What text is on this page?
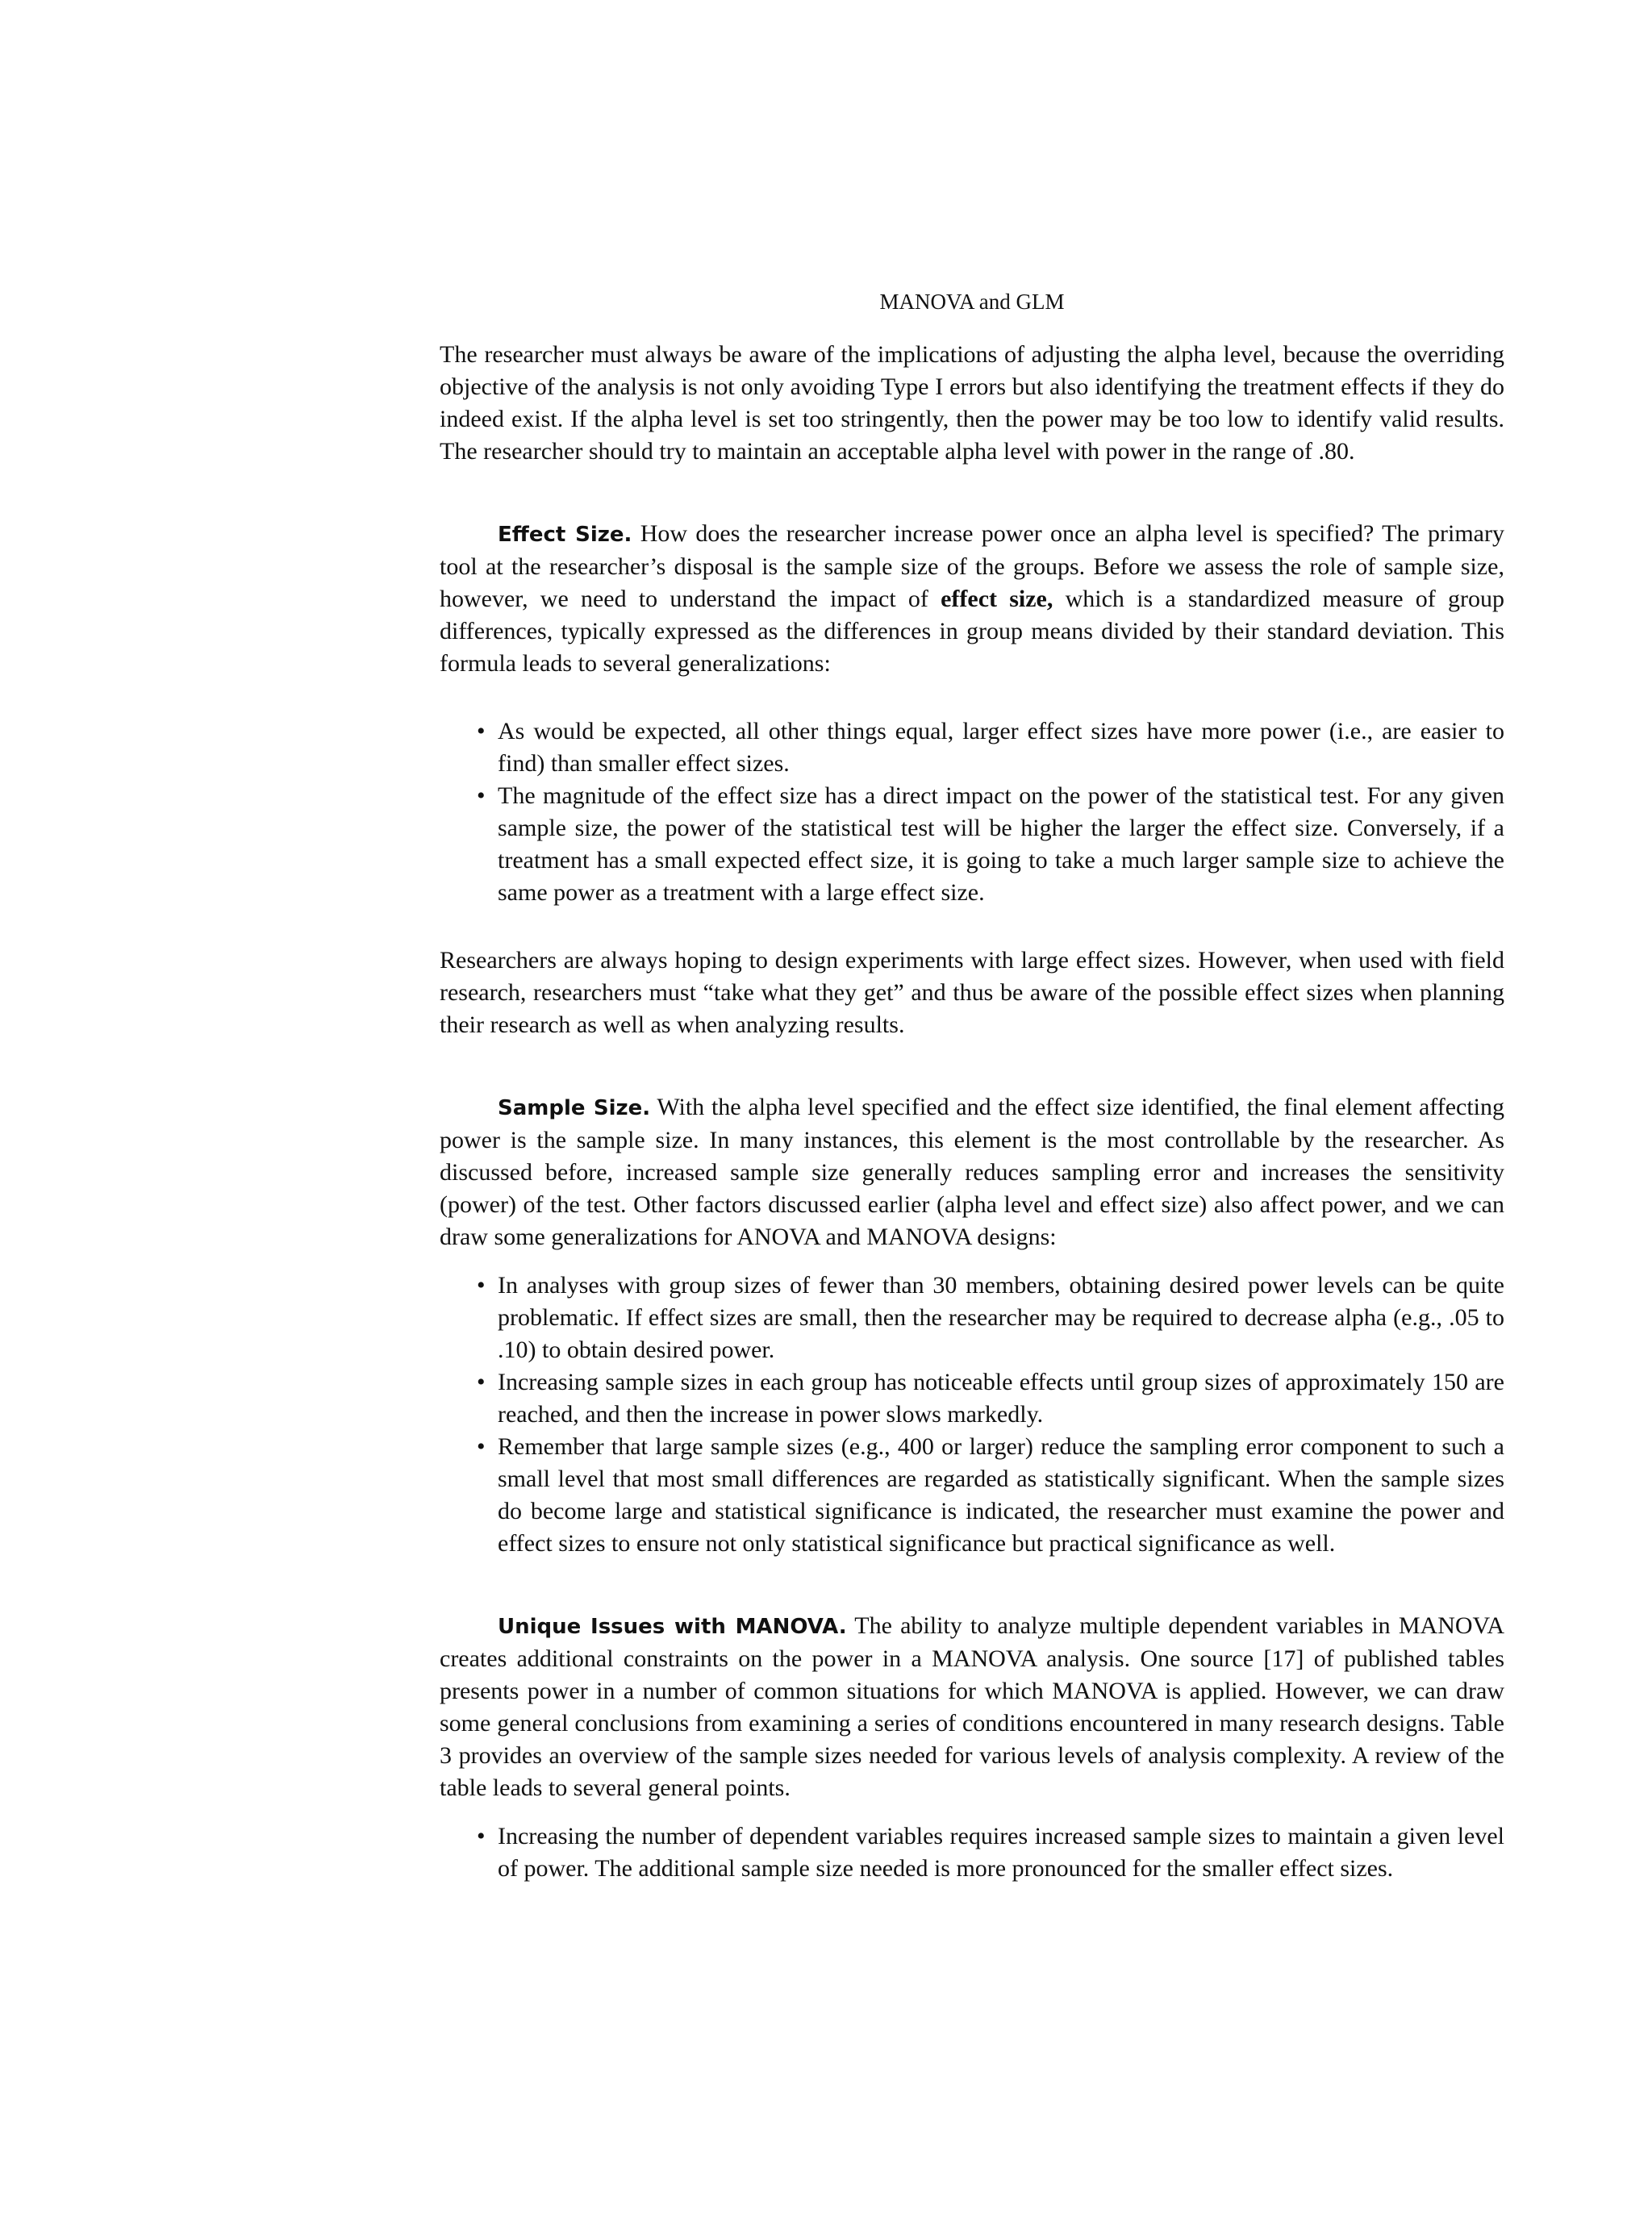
MANOVA and GLM

The researcher must always be aware of the implications of adjusting the alpha level, because the overriding objective of the analysis is not only avoiding Type I errors but also identifying the treatment effects if they do indeed exist. If the alpha level is set too stringently, then the power may be too low to identify valid results. The researcher should try to maintain an acceptable alpha level with power in the range of .80.

Effect Size. How does the researcher increase power once an alpha level is specified? The primary tool at the researcher’s disposal is the sample size of the groups. Before we assess the role of sample size, however, we need to understand the impact of effect size, which is a standardized measure of group differences, typically expressed as the differences in group means divided by their standard deviation. This formula leads to several generalizations:

• As would be expected, all other things equal, larger effect sizes have more power (i.e., are easier to find) than smaller effect sizes.
• The magnitude of the effect size has a direct impact on the power of the statistical test. For any given sample size, the power of the statistical test will be higher the larger the effect size. Conversely, if a treatment has a small expected effect size, it is going to take a much larger sample size to achieve the same power as a treatment with a large effect size.

Researchers are always hoping to design experiments with large effect sizes. However, when used with field research, researchers must “take what they get” and thus be aware of the possible effect sizes when planning their research as well as when analyzing results.

Sample Size. With the alpha level specified and the effect size identified, the final element affecting power is the sample size. In many instances, this element is the most controllable by the researcher. As discussed before, increased sample size generally reduces sampling error and increases the sensitivity (power) of the test. Other factors discussed earlier (alpha level and effect size) also affect power, and we can draw some generalizations for ANOVA and MANOVA designs:

• In analyses with group sizes of fewer than 30 members, obtaining desired power levels can be quite problematic. If effect sizes are small, then the researcher may be required to decrease alpha (e.g., .05 to .10) to obtain desired power.
• Increasing sample sizes in each group has noticeable effects until group sizes of approximately 150 are reached, and then the increase in power slows markedly.
• Remember that large sample sizes (e.g., 400 or larger) reduce the sampling error component to such a small level that most small differences are regarded as statistically significant. When the sample sizes do become large and statistical significance is indicated, the researcher must examine the power and effect sizes to ensure not only statistical significance but practical significance as well.

Unique Issues with MANOVA. The ability to analyze multiple dependent variables in MANOVA creates additional constraints on the power in a MANOVA analysis. One source [17] of published tables presents power in a number of common situations for which MANOVA is applied. However, we can draw some general conclusions from examining a series of conditions encountered in many research designs. Table 3 provides an overview of the sample sizes needed for various levels of analysis complexity. A review of the table leads to several general points.

• Increasing the number of dependent variables requires increased sample sizes to maintain a given level of power. The additional sample size needed is more pronounced for the smaller effect sizes.
